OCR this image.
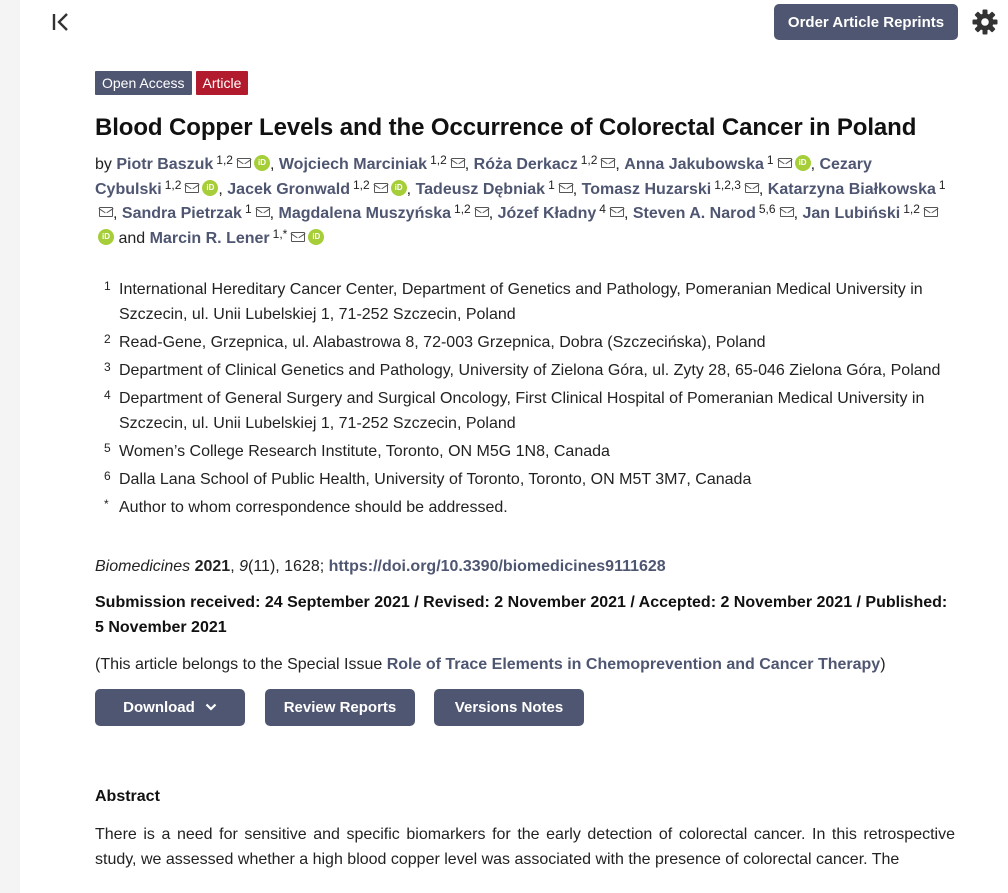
Order Article Reprints
Open Access	Article
Blood Copper Levels and the Occurrence of Colorectal Cancer in Poland
by Piotr Baszuk $^{1,2}$	iD , Wojciech Marciniak $^{1,2}$ , Róża Derkacz $^{1,2}$ , Anna Jakubowska $^1$	iD , Cezary Cybulski $^{1,2}$	iD , Jacek Gronwald $^{1,2}$	iD , Tadeusz Dębniak $^1$ , Tomasz Huzarski $^{1,2,3}$ , Katarzyna Białkowska $^1$, Sandra Pietrzak $^1$ , Magdalena Muszyńska $^{1,2}$ , Józef Kładny $^4$ , Steven A. Narod $^{5,6}$ , Jan Lubiński $^{1,2}$iD and Marcin R. Lener $^{1,*}$	iD
1 International Hereditary Cancer Center, Department of Genetics and Pathology, Pomeranian Medical University in Szczecin, ul. Unii Lubelskiej 1, 71-252 Szczecin, Poland
2 Read-Gene, Grzepnica, ul. Alabastrowa 8, 72-003 Grzepnica, Dobra (Szczecińska), Poland
3 Department of Clinical Genetics and Pathology, University of Zielona Góra, ul. Zyty 28, 65-046 Zielona Góra, Poland
4 Department of General Surgery and Surgical Oncology, First Clinical Hospital of Pomeranian Medical University in Szczecin, ul. Unii Lubelskiej 1, 71-252 Szczecin, Poland
5 Women’s College Research Institute, Toronto, ON M5G 1N8, Canada
6 Dalla Lana School of Public Health, University of Toronto, Toronto, ON M5T 3M7, Canada
* Author to whom correspondence should be addressed.
Biomedicines 2021, 9(11), 1628; https://doi.org/10.3390/biomedicines9111628
Submission received: 24 September 2021 / Revised: 2 November 2021 / Accepted: 2 November 2021 / Published: 5 November 2021
(This article belongs to the Special Issue Role of Trace Elements in Chemoprevention and Cancer Therapy)
Download	Review Reports	Versions Notes
Abstract
There is a need for sensitive and specific biomarkers for the early detection of colorectal cancer. In this retrospective study, we assessed whether a high blood copper level was associated with the presence of colorectal cancer. The
